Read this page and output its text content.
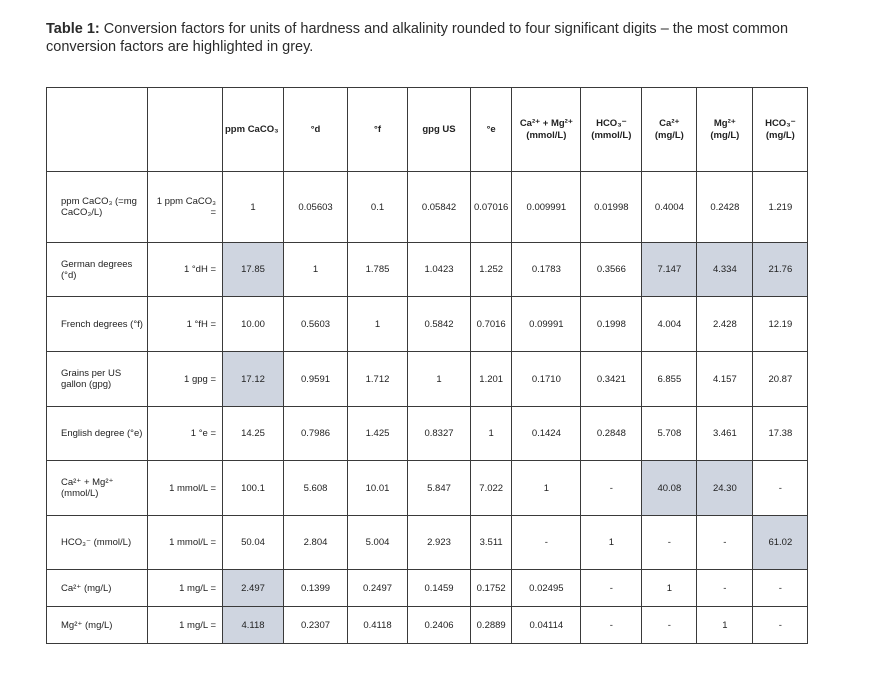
Table 1: Conversion factors for units of hardness and alkalinity rounded to four significant digits – the most common conversion factors are highlighted in grey.
		ppm CaCO₃	°d	°f	gpg US	°e	Ca²⁺ + Mg²⁺ (mmol/L)	HCO₃⁻ (mmol/L)	Ca²⁺ (mg/L)	Mg²⁺ (mg/L)	HCO₃⁻ (mg/L)
ppm CaCO₃ (=mg CaCO₃/L)	1 ppm CaCO₃ =	1	0.05603	0.1	0.05842	0.07016	0.009991	0.01998	0.4004	0.2428	1.219
German degrees (°d)	1 °dH =	17.85	1	1.785	1.0423	1.252	0.1783	0.3566	7.147	4.334	21.76
French degrees (°f)	1 °fH =	10.00	0.5603	1	0.5842	0.7016	0.09991	0.1998	4.004	2.428	12.19
Grains per US gallon (gpg)	1 gpg =	17.12	0.9591	1.712	1	1.201	0.1710	0.3421	6.855	4.157	20.87
English degree (°e)	1 °e =	14.25	0.7986	1.425	0.8327	1	0.1424	0.2848	5.708	3.461	17.38
Ca²⁺ + Mg²⁺ (mmol/L)	1 mmol/L =	100.1	5.608	10.01	5.847	7.022	1	-	40.08	24.30	-
HCO₃⁻ (mmol/L)	1 mmol/L =	50.04	2.804	5.004	2.923	3.511	-	1	-	-	61.02
Ca²⁺ (mg/L)	1 mg/L =	2.497	0.1399	0.2497	0.1459	0.1752	0.02495	-	1	-	-
Mg²⁺ (mg/L)	1 mg/L =	4.118	0.2307	0.4118	0.2406	0.2889	0.04114	-	-	1	-
